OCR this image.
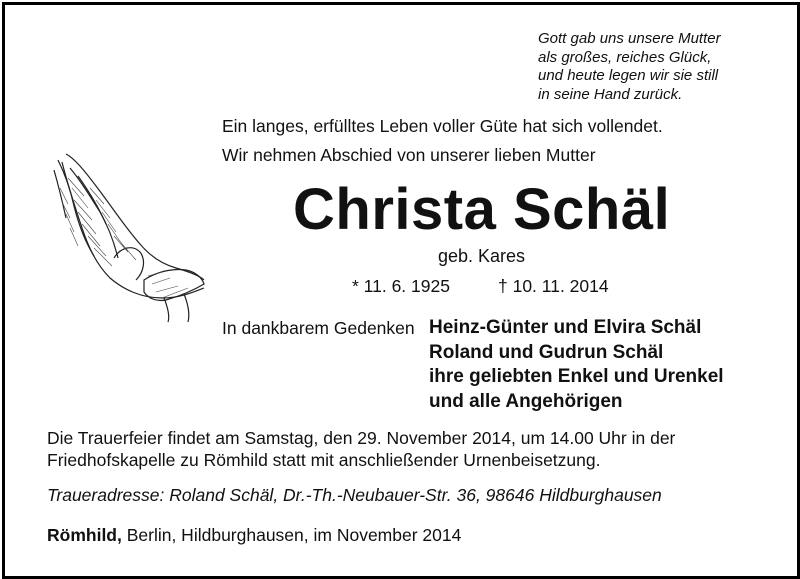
Gott gab uns unsere Mutter
als großes, reiches Glück,
und heute legen wir sie still
in seine Hand zurück.
Ein langes, erfülltes Leben voller Güte hat sich vollendet.
Wir nehmen Abschied von unserer lieben Mutter
Christa Schäl
geb. Kares
* 11. 6. 1925	† 10. 11. 2014
In dankbarem Gedenken Heinz-Günter und Elvira Schäl
Roland und Gudrun Schäl
ihre geliebten Enkel und Urenkel
und alle Angehörigen
Die Trauerfeier findet am Samstag, den 29. November 2014, um 14.00 Uhr in der
Friedhofskapelle zu Römhild statt mit anschließender Urnenbeisetzung.
Traueradresse: Roland Schäl, Dr.-Th.-Neubauer-Str. 36, 98646 Hildburghausen
Römhild, Berlin, Hildburghausen, im November 2014
